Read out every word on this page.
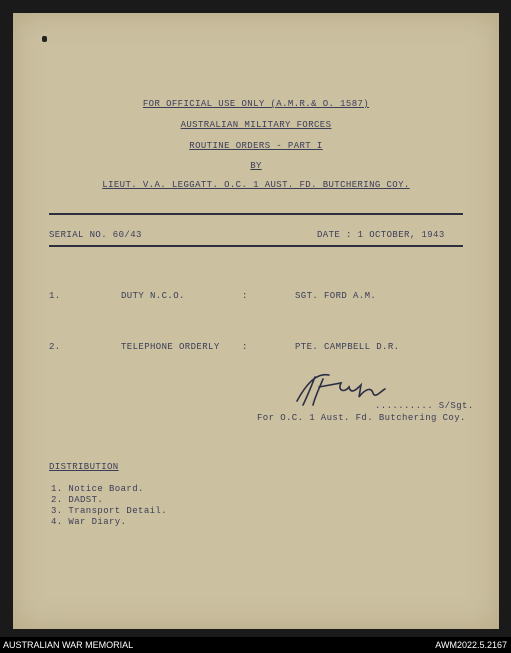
FOR OFFICIAL USE ONLY (A.M.R.& O. 1587)
AUSTRALIAN MILITARY FORCES
ROUTINE ORDERS - PART I
BY
LIEUT. V.A. LEGGATT. O.C. 1 AUST. FD. BUTCHERING COY.
SERIAL NO. 60/43	DATE : 1 OCTOBER, 1943
1.	DUTY N.C.O.	:	SGT. FORD A.M.
2.	TELEPHONE ORDERLY :	PTE. CAMPBELL D.R.
.......... S/Sgt.
For O.C. 1 Aust. Fd. Butchering Coy.
DISTRIBUTION
1. Notice Board.
2. DADST.
3. Transport Detail.
4. War Diary.
AUSTRALIAN WAR MEMORIAL	AWM2022.5.2167
